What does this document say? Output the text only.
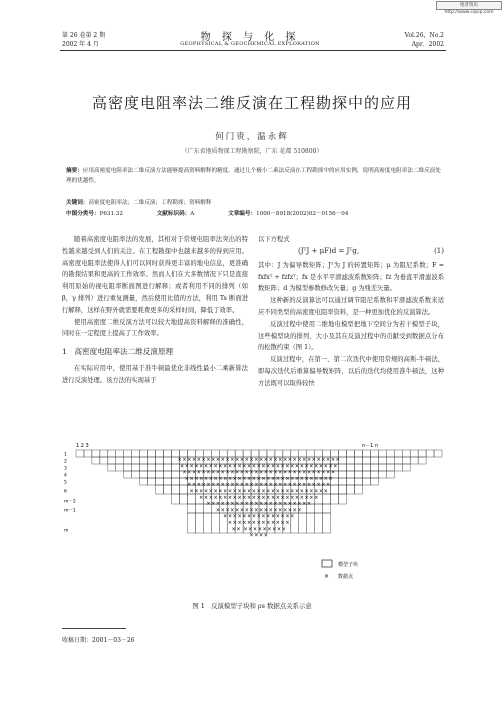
维普资讯 http://www.cqvip.com
第 26 卷第 2 期
2002 年 4 月
物 探 与 化 探
GEOPHYSICAL & GEOCHEMICAL EXPLORATION
Vol.26，No.2
Apr．2002
高密度电阻率法二维反演在工程勘探中的应用
何门贵，温永辉
（广东省地质物探工程勘察院，广东 花都 510800）
摘要：应用高密度电阻率法二维反演方法能够提高资料解释的精度。通过几个极小二乘法反演在工程勘探中的应用实例，说明高密度电阻率法二维反演处理的优越性。
关键词：高密度电阻率法；二维反演；工程勘探；资料解释
中图分类号：P631.32	文献标识码：A	文章编号：1000－8918(2002)02－0156－04

随着高密度电阻率法的发展，其相对于常规电阻率法突出的特性越来越受到人们的关注。在工程勘探中也越来越多的得到应用。高密度电阻率法使得人们可以同时获得更丰富的地电信息，更准确的勘探结果和更高的工作效率。然而人们在大多数情况下只是直接利用原始的视电阻率断面图进行解释；或者利用不同的排列（如 β，γ 排列）进行重复测量，然后使用比值的方法，利用 Ts 断面进行解释，这样在野外就需要耗费更多的采样时间，降低了效率。

使用高密度二维反演方法可以较大地提高资料解释的准确性，同时在一定程度上提高了工作效率。

1　高密度电阻率法二维反演原理

在实际应用中，使用基于准牛顿最优化非线性最小二乘新算法进行反演处理。该方法的实现基于

以下方程式
(JᵀJ + μF)d = Jᵀg，	(1)

其中：J 为偏导数矩阵；Jᵀ为 J 的转置矩阵；μ 为阻尼系数；F = fxfxᵀ + fzfzᵀ；fx 是水平平滑滤波系数矩阵；fz 为垂直平滑滤波系数矩阵；d 为模型参数修改矢量；g 为残差矢量。

这种新的反演算法可以通过调节阻尼系数和平滑滤波系数来适应不同类型的高密度电阻率资料，是一种更加优化的反演算法。

反演过程中使用二维地电模型把地下空间分为若干模型子块，这些模型块的排列、大小及其在反演过程中的贡献受到数据点分布的松散约束（图 1）。

反演过程中，在第一、第二次迭代中使用常规的高斯-牛顿法，即每次迭代后重算偏导数矩阵，以后的迭代均使用准牛顿法，这种方法既可以取得较快

××××××××××××××××××××××××××××××××××
×××××××××××××××××××××××××××××××××
××××××××××××××××××××××××××××××××
×××××××××××××××××××××××××××××××
××××××××××××××××××××××××××××××
×××××××××××××××××××××××××××××
×××××××××××××××××××××××××
××××××××××××××××××××××
××××××××××××××××××
×××××××××××××××
×××××××××××××
×× ×××××××××
××××
1
2
3
4
5
6
m－2
m－1
m
1 2 3	n－1 n
模型子块
× 数据点
图 1　反演模型子块和 ρs 数据点关系示意
收稿日期：2001－03－26
